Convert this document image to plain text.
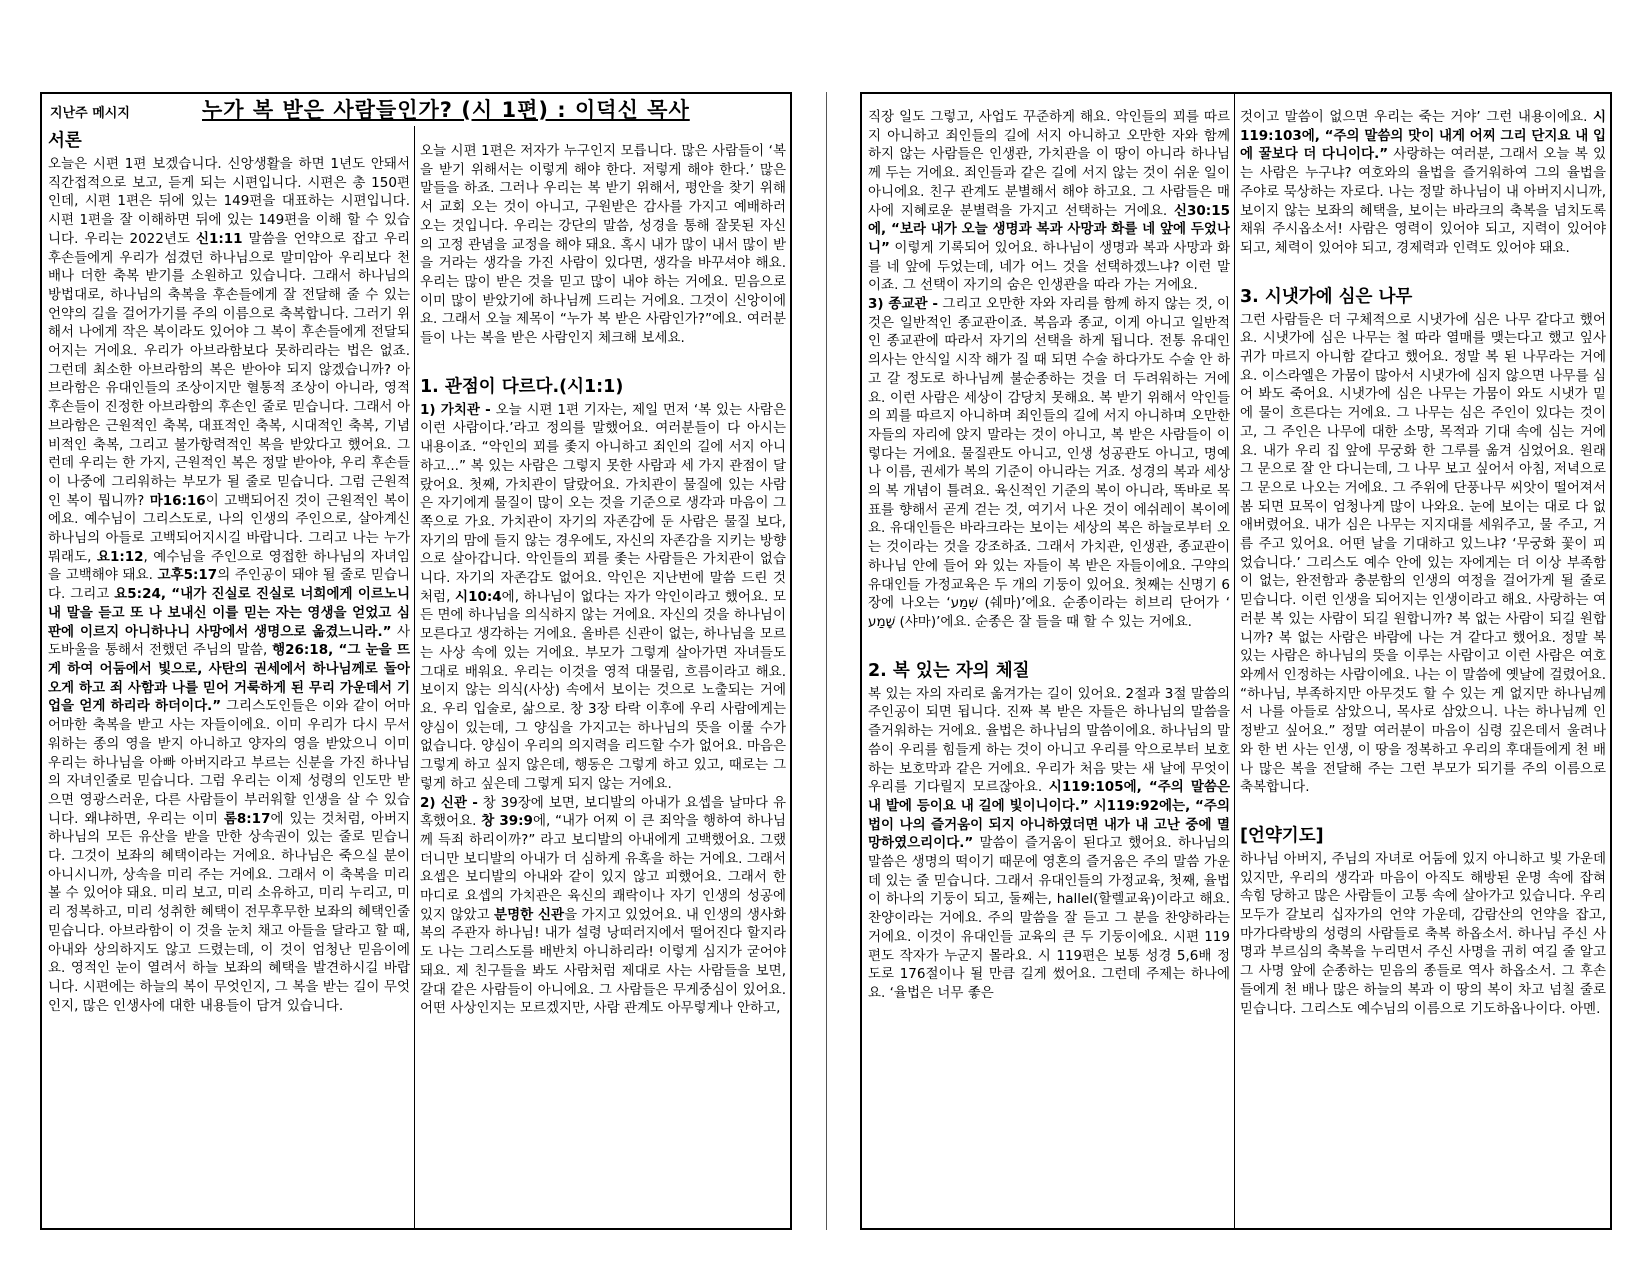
지난주 메시지	누가 복 받은 사람들인가? (시 1편) : 이덕신 목사
서론

오늘은 시편 1편 보겠습니다. 신앙생활을 하면 1년도 안돼서 직간접적으로 보고, 듣게 되는 시편입니다. 시편은 총 150편인데, 시편 1편은 뒤에 있는 149편을 대표하는 시편입니다. 시편 1편을 잘 이해하면 뒤에 있는 149편을 이해 할 수 있습니다. 우리는 2022년도 신1:11 말씀을 언약으로 잡고 우리 후손들에게 우리가 섬겼던 하나님으로 말미암아 우리보다 천 배나 더한 축복 받기를 소원하고 있습니다. 그래서 하나님의 방법대로, 하나님의 축복을 후손들에게 잘 전달해 줄 수 있는 언약의 길을 걸어가기를 주의 이름으로 축복합니다. 그러기 위해서 나에게 작은 복이라도 있어야 그 복이 후손들에게 전달되어지는 거에요. 우리가 아브라함보다 못하리라는 법은 없죠. 그런데 최소한 아브라함의 복은 받아야 되지 않겠습니까? 아브라함은 유대인들의 조상이지만 혈통적 조상이 아니라, 영적 후손들이 진정한 아브라함의 후손인 줄로 믿습니다. 그래서 아브라함은 근원적인 축복, 대표적인 축복, 시대적인 축복, 기념비적인 축복, 그리고 불가항력적인 복을 받았다고 했어요. 그런데 우리는 한 가지, 근원적인 복은 정말 받아야, 우리 후손들이 나중에 그리워하는 부모가 될 줄로 믿습니다. 그럼 근원적인 복이 뭡니까? 마16:16이 고백되어진 것이 근원적인 복이에요. 예수님이 그리스도로, 나의 인생의 주인으로, 살아계신 하나님의 아들로 고백되어지시길 바랍니다. 그리고 나는 누가 뭐래도, 요1:12, 예수님을 주인으로 영접한 하나님의 자녀임을 고백해야 돼요. 고후5:17의 주인공이 돼야 될 줄로 믿습니다. 그리고 요5:24, “내가 진실로 진실로 너희에게 이르노니 내 말을 듣고 또 나 보내신 이를 믿는 자는 영생을 얻었고 심판에 이르지 아니하나니 사망에서 생명으로 옮겼느니라.” 사도바울을 통해서 전했던 주님의 말씀, 행26:18, “그 눈을 뜨게 하여 어둠에서 빛으로, 사탄의 권세에서 하나님께로 돌아오게 하고 죄 사함과 나를 믿어 거룩하게 된 무리 가운데서 기업을 얻게 하리라 하더이다.” 그리스도인들은 이와 같이 어마어마한 축복을 받고 사는 자들이에요. 이미 우리가 다시 무서워하는 종의 영을 받지 아니하고 양자의 영을 받았으니 이미 우리는 하나님을 아빠 아버지라고 부르는 신분을 가진 하나님의 자녀인줄로 믿습니다. 그럼 우리는 이제 성령의 인도만 받으면 영광스러운, 다른 사람들이 부러워할 인생을 살 수 있습니다. 왜냐하면, 우리는 이미 롬8:17에 있는 것처럼, 아버지 하나님의 모든 유산을 받을 만한 상속권이 있는 줄로 믿습니다. 그것이 보좌의 혜택이라는 거에요. 하나님은 죽으실 분이 아니시니까, 상속을 미리 주는 거에요. 그래서 이 축복을 미리 볼 수 있어야 돼요. 미리 보고, 미리 소유하고, 미리 누리고, 미리 정복하고, 미리 성취한 혜택이 전무후무한 보좌의 혜택인줄 믿습니다. 아브라함이 이 것을 눈치 채고 아들을 달라고 할 때, 아내와 상의하지도 않고 드렸는데, 이 것이 엄청난 믿음이에요. 영적인 눈이 열려서 하늘 보좌의 혜택을 발견하시길 바랍니다. 시편에는 하늘의 복이 무엇인지, 그 복을 받는 길이 무엇인지, 많은 인생사에 대한 내용들이 담겨 있습니다.

오늘 시편 1편은 저자가 누구인지 모릅니다. 많은 사람들이 ‘복을 받기 위해서는 이렇게 해야 한다. 저렇게 해야 한다.’ 많은 말들을 하죠. 그러나 우리는 복 받기 위해서, 평안을 찾기 위해서 교회 오는 것이 아니고, 구원받은 감사를 가지고 예배하러 오는 것입니다. 우리는 강단의 말씀, 성경을 통해 잘못된 자신의 고정 관념을 교정을 해야 돼요. 혹시 내가 많이 내서 많이 받을 거라는 생각을 가진 사람이 있다면, 생각을 바꾸셔야 해요. 우리는 많이 받은 것을 믿고 많이 내야 하는 거에요. 믿음으로 이미 많이 받았기에 하나님께 드리는 거에요. 그것이 신앙이에요. 그래서 오늘 제목이 “누가 복 받은 사람인가?”에요. 여러분들이 나는 복을 받은 사람인지 체크해 보세요.

1. 관점이 다르다.(시1:1)

1) 가치관 - 오늘 시편 1편 기자는, 제일 먼저 ‘복 있는 사람은 이런 사람이다.’라고 정의를 말했어요. 여러분들이 다 아시는 내용이죠. “악인의 꾀를 좇지 아니하고 죄인의 길에 서지 아니하고...” 복 있는 사람은 그렇지 못한 사람과 세 가지 관점이 달랐어요. 첫째, 가치관이 달랐어요. 가치관이 물질에 있는 사람은 자기에게 물질이 많이 오는 것을 기준으로 생각과 마음이 그 쪽으로 가요. 가치관이 자기의 자존감에 둔 사람은 물질 보다, 자기의 맘에 들지 않는 경우에도, 자신의 자존감을 지키는 방향으로 살아갑니다. 악인들의 꾀를 좇는 사람들은 가치관이 없습니다. 자기의 자존감도 없어요. 악인은 지난번에 말씀 드린 것처럼, 시10:4에, 하나님이 없다는 자가 악인이라고 했어요. 모든 면에 하나님을 의식하지 않는 거에요. 자신의 것을 하나님이 모른다고 생각하는 거에요. 올바른 신관이 없는, 하나님을 모르는 사상 속에 있는 거에요. 부모가 그렇게 살아가면 자녀들도 그대로 배워요. 우리는 이것을 영적 대물림, 흐름이라고 해요. 보이지 않는 의식(사상) 속에서 보이는 것으로 노출되는 거에요. 우리 입술로, 삶으로. 창 3장 타락 이후에 우리 사람에게는 양심이 있는데, 그 양심을 가지고는 하나님의 뜻을 이룰 수가 없습니다. 양심이 우리의 의지력을 리드할 수가 없어요. 마음은 그렇게 하고 싶지 않은데, 행동은 그렇게 하고 있고, 때로는 그렇게 하고 싶은데 그렇게 되지 않는 거에요.

2) 신관 - 창 39장에 보면, 보디발의 아내가 요셉을 날마다 유혹했어요. 창 39:9에, “내가 어찌 이 큰 죄악을 행하여 하나님께 득죄 하리이까?” 라고 보디발의 아내에게 고백했어요. 그랬더니만 보디발의 아내가 더 심하게 유혹을 하는 거에요. 그래서 요셉은 보디발의 아내와 같이 있지 않고 피했어요. 그래서 한 마디로 요셉의 가치관은 육신의 쾌락이나 자기 인생의 성공에 있지 않았고 분명한 신관을 가지고 있었어요. 내 인생의 생사화복의 주관자 하나님! 내가 설령 낭떠러지에서 떨어진다 할지라도 나는 그리스도를 배반치 아니하리라! 이렇게 심지가 굳어야 돼요. 제 친구들을 봐도 사람처럼 제대로 사는 사람들을 보면, 갈대 같은 사람들이 아니에요. 그 사람들은 무게중심이 있어요. 어떤 사상인지는 모르겠지만, 사람 관계도 아무렇게나 안하고,

직장 일도 그렇고, 사업도 꾸준하게 해요. 악인들의 꾀를 따르지 아니하고 죄인들의 길에 서지 아니하고 오만한 자와 함께 하지 않는 사람들은 인생관, 가치관을 이 땅이 아니라 하나님께 두는 거에요. 죄인들과 같은 길에 서지 않는 것이 쉬운 일이 아니에요. 친구 관계도 분별해서 해야 하고요. 그 사람들은 매사에 지혜로운 분별력을 가지고 선택하는 거에요. 신30:15에, “보라 내가 오늘 생명과 복과 사망과 화를 네 앞에 두었나니” 이렇게 기록되어 있어요. 하나님이 생명과 복과 사망과 화를 네 앞에 두었는데, 네가 어느 것을 선택하겠느냐? 이런 말이죠. 그 선택이 자기의 숨은 인생관을 따라 가는 거에요.

3) 종교관 - 그리고 오만한 자와 자리를 함께 하지 않는 것, 이것은 일반적인 종교관이죠. 복음과 종교, 이게 아니고 일반적인 종교관에 따라서 자기의 선택을 하게 됩니다. 전통 유대인 의사는 안식일 시작 해가 질 때 되면 수술 하다가도 수술 안 하고 갈 정도로 하나님께 불순종하는 것을 더 두려워하는 거에요. 이런 사람은 세상이 감당치 못해요. 복 받기 위해서 악인들의 꾀를 따르지 아니하며 죄인들의 길에 서지 아니하며 오만한 자들의 자리에 앉지 말라는 것이 아니고, 복 받은 사람들이 이렇다는 거에요. 물질관도 아니고, 인생 성공관도 아니고, 명예나 이름, 권세가 복의 기준이 아니라는 거죠. 성경의 복과 세상의 복 개념이 틀려요. 육신적인 기준의 복이 아니라, 똑바로 목표를 향해서 곧게 걷는 것, 여기서 나온 것이 에쉬레이 복이에요. 유대인들은 바라크라는 보이는 세상의 복은 하늘로부터 오는 것이라는 것을 강조하죠. 그래서 가치관, 인생관, 종교관이 하나님 안에 들어 와 있는 자들이 복 받은 자들이에요. 구약의 유대인들 가정교육은 두 개의 기둥이 있어요. 첫째는 신명기 6장에 나오는 ‘שְׁמַע (쉐마)’에요. 순종이라는 히브리 단어가 ‘ שָׁמַע (샤마)’에요. 순종은 잘 들을 때 할 수 있는 거에요.

2. 복 있는 자의 체질

복 있는 자의 자리로 옮겨가는 길이 있어요. 2절과 3절 말씀의 주인공이 되면 됩니다. 진짜 복 받은 자들은 하나님의 말씀을 즐거워하는 거에요. 율법은 하나님의 말씀이에요. 하나님의 말씀이 우리를 힘들게 하는 것이 아니고 우리를 악으로부터 보호하는 보호막과 같은 거에요. 우리가 처음 맞는 새 날에 무엇이 우리를 기다릴지 모르잖아요. 시119:105에, “주의 말씀은 내 발에 등이요 내 길에 빛이니이다.” 시119:92에는, “주의 법이 나의 즐거움이 되지 아니하였더면 내가 내 고난 중에 멸망하였으리이다.” 말씀이 즐거움이 된다고 했어요. 하나님의 말씀은 생명의 떡이기 때문에 영혼의 즐거움은 주의 말씀 가운데 있는 줄 믿습니다. 그래서 유대인들의 가정교육, 첫째, 율법이 하나의 기둥이 되고, 둘째는, hallel(할렐교육)이라고 해요. 찬양이라는 거에요. 주의 말씀을 잘 듣고 그 분을 찬양하라는 거에요. 이것이 유대인들 교육의 큰 두 기둥이에요. 시편 119편도 작자가 누군지 몰라요. 시 119편은 보통 성경 5,6배 정도로 176절이나 될 만큼 길게 썼어요. 그런데 주제는 하나에요. ‘율법은 너무 좋은

것이고 말씀이 없으면 우리는 죽는 거야’ 그런 내용이에요. 시119:103에, “주의 말씀의 맛이 내게 어찌 그리 단지요 내 입에 꿀보다 더 다니이다.” 사랑하는 여러분, 그래서 오늘 복 있는 사람은 누구냐? 여호와의 율법을 즐거워하여 그의 율법을 주야로 묵상하는 자로다. 나는 정말 하나님이 내 아버지시니까, 보이지 않는 보좌의 혜택을, 보이는 바라크의 축복을 넘치도록 채워 주시옵소서! 사람은 영력이 있어야 되고, 지력이 있어야 되고, 체력이 있어야 되고, 경제력과 인력도 있어야 돼요.

3. 시냇가에 심은 나무

그런 사람들은 더 구체적으로 시냇가에 심은 나무 같다고 했어요. 시냇가에 심은 나무는 철 따라 열매를 맺는다고 했고 잎사귀가 마르지 아니함 같다고 했어요. 정말 복 된 나무라는 거에요. 이스라엘은 가뭄이 많아서 시냇가에 심지 않으면 나무를 심어 봐도 죽어요. 시냇가에 심은 나무는 가뭄이 와도 시냇가 밑에 물이 흐른다는 거에요. 그 나무는 심은 주인이 있다는 것이고, 그 주인은 나무에 대한 소망, 목적과 기대 속에 심는 거에요. 내가 우리 집 앞에 무궁화 한 그루를 옮겨 심었어요. 원래 그 문으로 잘 안 다니는데, 그 나무 보고 싶어서 아침, 저녁으로 그 문으로 나오는 거에요. 그 주위에 단풍나무 씨앗이 떨어져서 봄 되면 묘목이 엄청나게 많이 나와요. 눈에 보이는 대로 다 없애버렸어요. 내가 심은 나무는 지지대를 세워주고, 물 주고, 거름 주고 있어요. 어떤 날을 기대하고 있느냐? ‘무궁화 꽃이 피었습니다.’ 그리스도 예수 안에 있는 자에게는 더 이상 부족함이 없는, 완전함과 충분함의 인생의 여정을 걸어가게 될 줄로 믿습니다. 이런 인생을 되어지는 인생이라고 해요. 사랑하는 여러분 복 있는 사람이 되길 원합니까? 복 없는 사람이 되길 원합니까? 복 없는 사람은 바람에 나는 겨 같다고 했어요. 정말 복 있는 사람은 하나님의 뜻을 이루는 사람이고 이런 사람은 여호와께서 인정하는 사람이에요. 나는 이 말씀에 옛날에 걸렸어요. “하나님, 부족하지만 아무것도 할 수 있는 게 없지만 하나님께서 나를 아들로 삼았으니, 목사로 삼았으니. 나는 하나님께 인정받고 싶어요.” 정말 여러분이 마음이 심령 깊은데서 울려나와 한 번 사는 인생, 이 땅을 정복하고 우리의 후대들에게 천 배나 많은 복을 전달해 주는 그런 부모가 되기를 주의 이름으로 축복합니다.

[언약기도]

하나님 아버지, 주님의 자녀로 어둠에 있지 아니하고 빛 가운데 있지만, 우리의 생각과 마음이 아직도 해방된 운명 속에 잡혀 속힘 당하고 많은 사람들이 고통 속에 살아가고 있습니다. 우리 모두가 갈보리 십자가의 언약 가운데, 감람산의 언약을 잡고, 마가다락방의 성령의 사람들로 축복 하옵소서. 하나님 주신 사명과 부르심의 축복을 누리면서 주신 사명을 귀히 여길 줄 알고 그 사명 앞에 순종하는 믿음의 종들로 역사 하옵소서. 그 후손들에게 천 배나 많은 하늘의 복과 이 땅의 복이 차고 넘칠 줄로 믿습니다. 그리스도 예수님의 이름으로 기도하옵나이다. 아멘.
